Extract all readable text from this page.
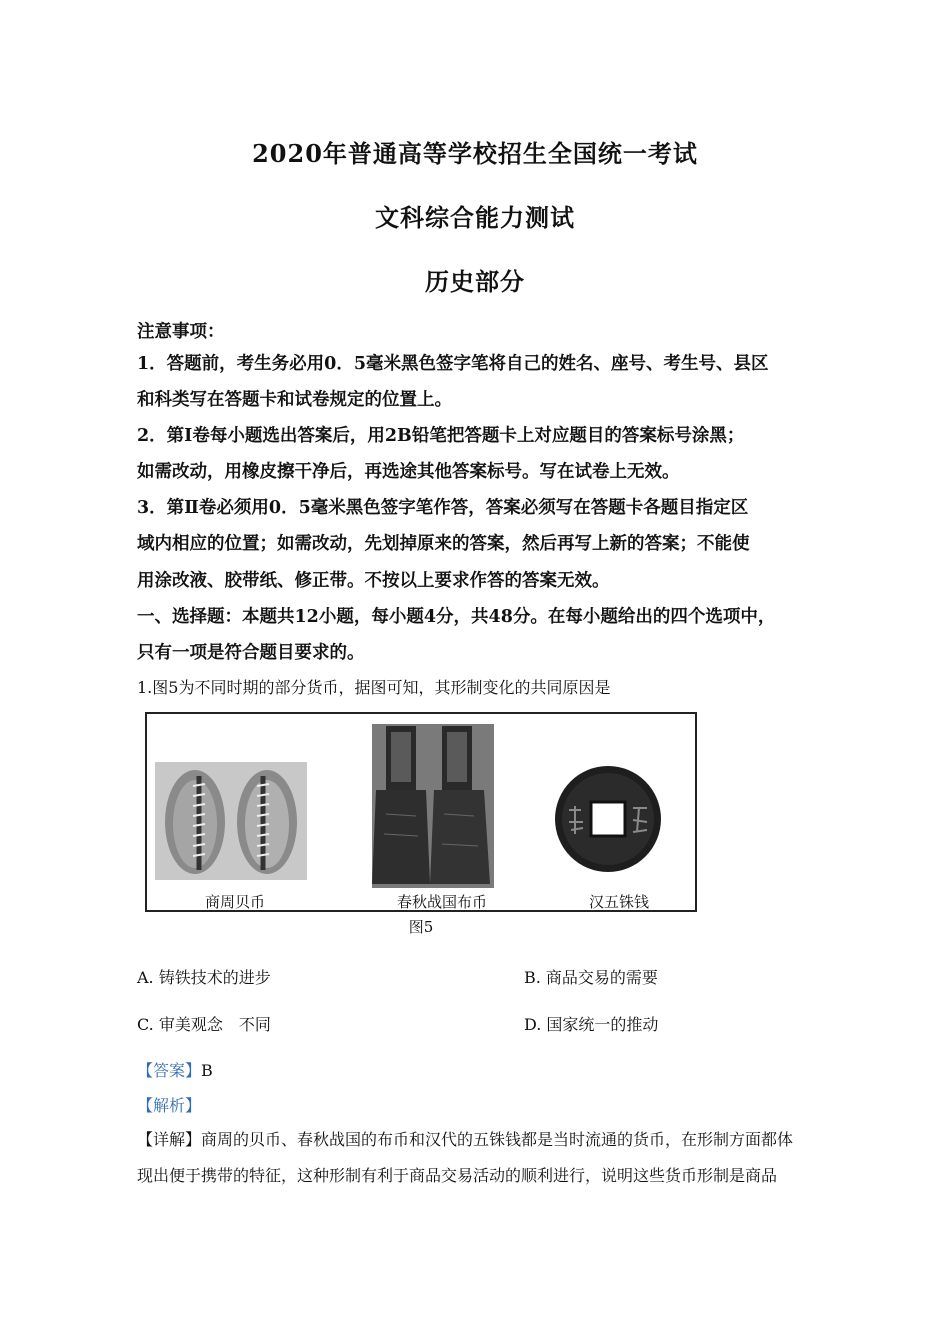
2020年普通高等学校招生全国统一考试
文科综合能力测试
历史部分
注意事项：
1．答题前，考生务必用0．5毫米黑色签字笔将自己的姓名、座号、考生号、县区
和科类写在答题卡和试卷规定的位置上。
2．第Ⅰ卷每小题选出答案后，用2B铅笔把答题卡上对应题目的答案标号涂黑；
如需改动，用橡皮擦干净后，再选途其他答案标号。写在试卷上无效。
3．第Ⅱ卷必须用0．5毫米黑色签字笔作答，答案必须写在答题卡各题目指定区
域内相应的位置；如需改动，先划掉原来的答案，然后再写上新的答案；不能使
用涂改液、胶带纸、修正带。不按以上要求作答的答案无效。
一、选择题：本题共12小题，每小题4分，共48分。在每小题给出的四个选项中，
只有一项是符合题目要求的。
1.图5为不同时期的部分货币，据图可知，其形制变化的共同原因是
商周贝币	春秋战国布币	汉五铢钱
图5
A. 铸铁技术的进步	B. 商品交易的需要
C. 审美观念　不同	D. 国家统一的推动
【答案】B
【解析】
【详解】商周的贝币、春秋战国的布币和汉代的五铢钱都是当时流通的货币，在形制方面都体
现出便于携带的特征，这种形制有利于商品交易活动的顺利进行，说明这些货币形制是商品
